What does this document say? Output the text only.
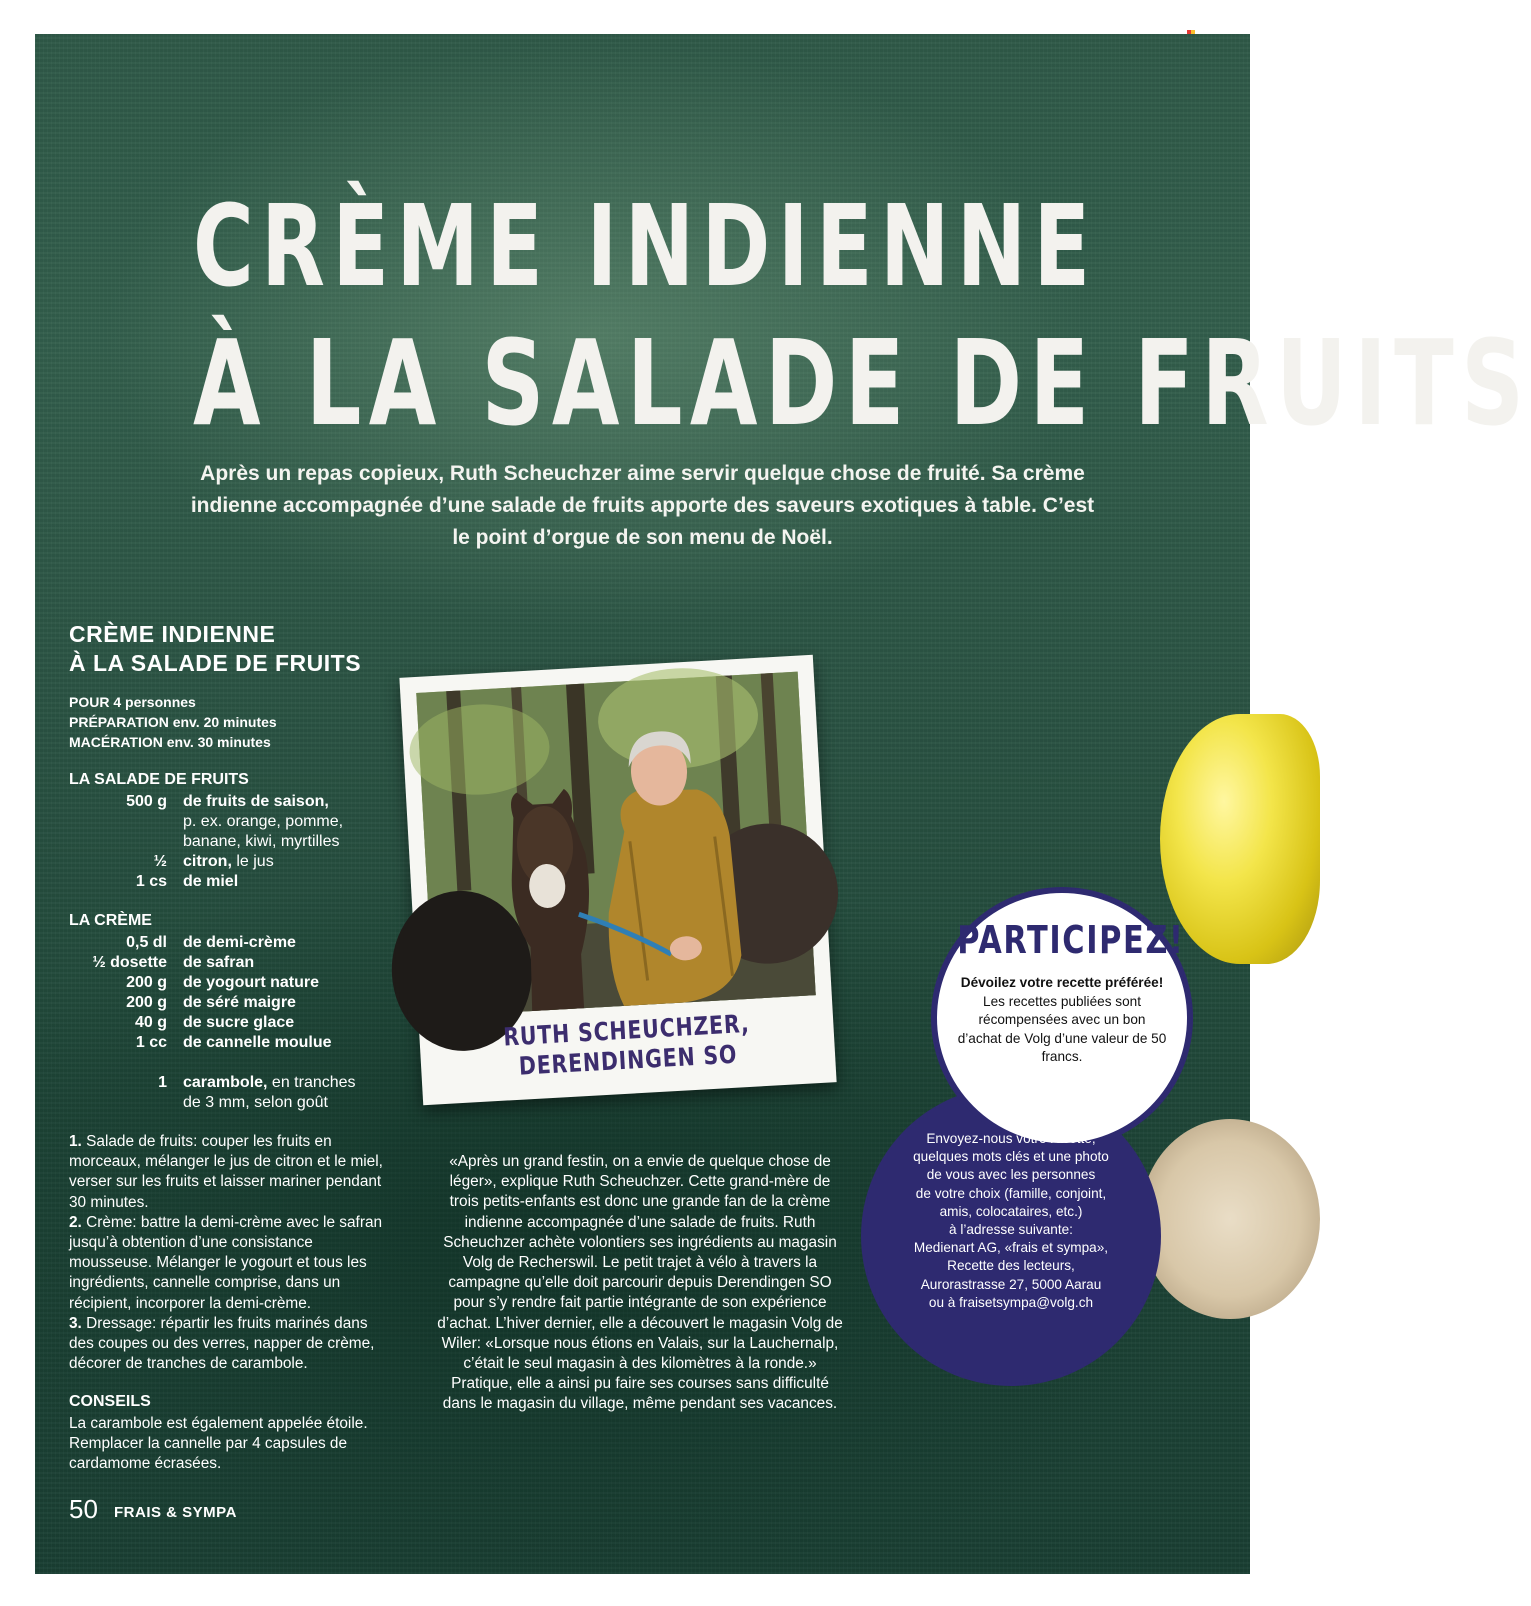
CRÈME INDIENNE
À LA SALADE DE FRUITS
Après un repas copieux, Ruth Scheuchzer aime servir quelque chose de fruité. Sa crème indienne accompagnée d’une salade de fruits apporte des saveurs exotiques à table. C’est le point d’orgue de son menu de Noël.
CRÈME INDIENNE
À LA SALADE DE FRUITS
POUR 4 personnes
PRÉPARATION env. 20 minutes
MACÉRATION env. 30 minutes
LA SALADE DE FRUITS
500 g	de fruits de saison,
p. ex. orange, pomme,
banane, kiwi, myrtilles
½	citron, le jus
1 cs	de miel
LA CRÈME
0,5 dl	de demi-crème
½ dosette	de safran
200 g	de yogourt nature
200 g	de séré maigre
40 g	de sucre glace
1 cc	de cannelle moulue
1	carambole, en tranches
de 3 mm, selon goût
1. Salade de fruits: couper les fruits en morceaux, mélanger le jus de citron et le miel, verser sur les fruits et laisser mariner pendant 30 minutes.
2. Crème: battre la demi-crème avec le safran jusqu’à obtention d’une consistance mousseuse. Mélanger le yogourt et tous les ingrédients, cannelle comprise, dans un récipient, incorporer la demi-crème.
3. Dressage: répartir les fruits marinés dans des coupes ou des verres, napper de crème, décorer de tranches de carambole.
CONSEILS
La carambole est également appelée étoile. Remplacer la cannelle par 4 capsules de cardamome écrasées.
RUTH SCHEUCHZER,
DERENDINGEN SO
«Après un grand festin, on a envie de quelque chose de léger», explique Ruth Scheuchzer. Cette grand-mère de trois petits-enfants est donc une grande fan de la crème indienne accompagnée d’une salade de fruits. Ruth Scheuchzer achète volontiers ses ingrédients au magasin Volg de Recherswil. Le petit trajet à vélo à travers la campagne qu’elle doit parcourir depuis Derendingen SO pour s’y rendre fait partie intégrante de son expérience d’achat. L’hiver dernier, elle a découvert le magasin Volg de Wiler: «Lorsque nous étions en Valais, sur la Lauchernalp, c’était le seul magasin à des kilomètres à la ronde.» Pratique, elle a ainsi pu faire ses courses sans difficulté dans le magasin du village, même pendant ses vacances.
PARTICIPEZ!
Dévoilez votre recette préférée!
Les recettes publiées sont récompensées avec un bon d’achat de Volg d’une valeur de 50 francs.
Envoyez-nous votre recette,
quelques mots clés et une photo
de vous avec les personnes
de votre choix (famille, conjoint,
amis, colocataires, etc.)
à l’adresse suivante:
Medienart AG, «frais et sympa»,
Recette des lecteurs,
Aurorastrasse 27, 5000 Aarau
ou à fraisetsympa@volg.ch
50 FRAIS & SYMPA
